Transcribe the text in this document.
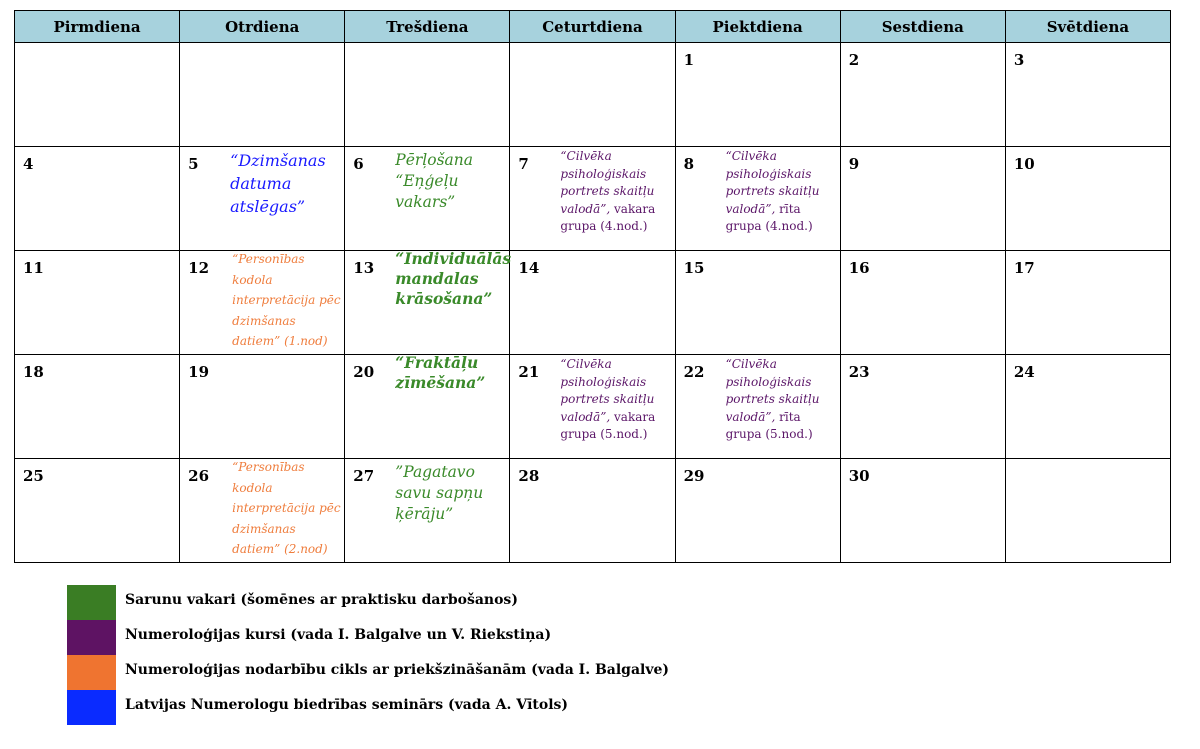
Pirmdiena	Otrdiena	Trešdiena	Ceturtdiena	Piektdiena	Sestdiena	Svētdiena

				1	2	3

4	5 “Dzimšanas datuma atslēgas”	6 Pērļošana “Eņģeļu vakars”	7 “Cilvēka psiholoģiskais portrets skaitļu valodā”, vakara grupa (4.nod.)	8 “Cilvēka psiholoģiskais portrets skaitļu valodā”, rīta grupa (4.nod.)	9	10

11	12 “Personības kodola interpretācija pēc dzimšanas datiem” (1.nod)	13 “Individuālās mandalas krāsošana”	14	15	16	17

18	19	20 “Fraktāļu zīmēšana”	21 “Cilvēka psiholoģiskais portrets skaitļu valodā”, vakara grupa (5.nod.)	22 “Cilvēka psiholoģiskais portrets skaitļu valodā”, rīta grupa (5.nod.)	23	24

25	26 “Personības kodola interpretācija pēc dzimšanas datiem” (2.nod)	27 ”Pagatavo savu sapņu ķērāju”	28	29	30	

Sarunu vakari (šomēnes ar praktisku darbošanos)
Numeroloģijas kursi (vada I. Balgalve un V. Riekstiņa)
Numeroloģijas nodarbību cikls ar priekšzināšanām (vada I. Balgalve)
Latvijas Numerologu biedrības seminārs (vada A. Vītols)
